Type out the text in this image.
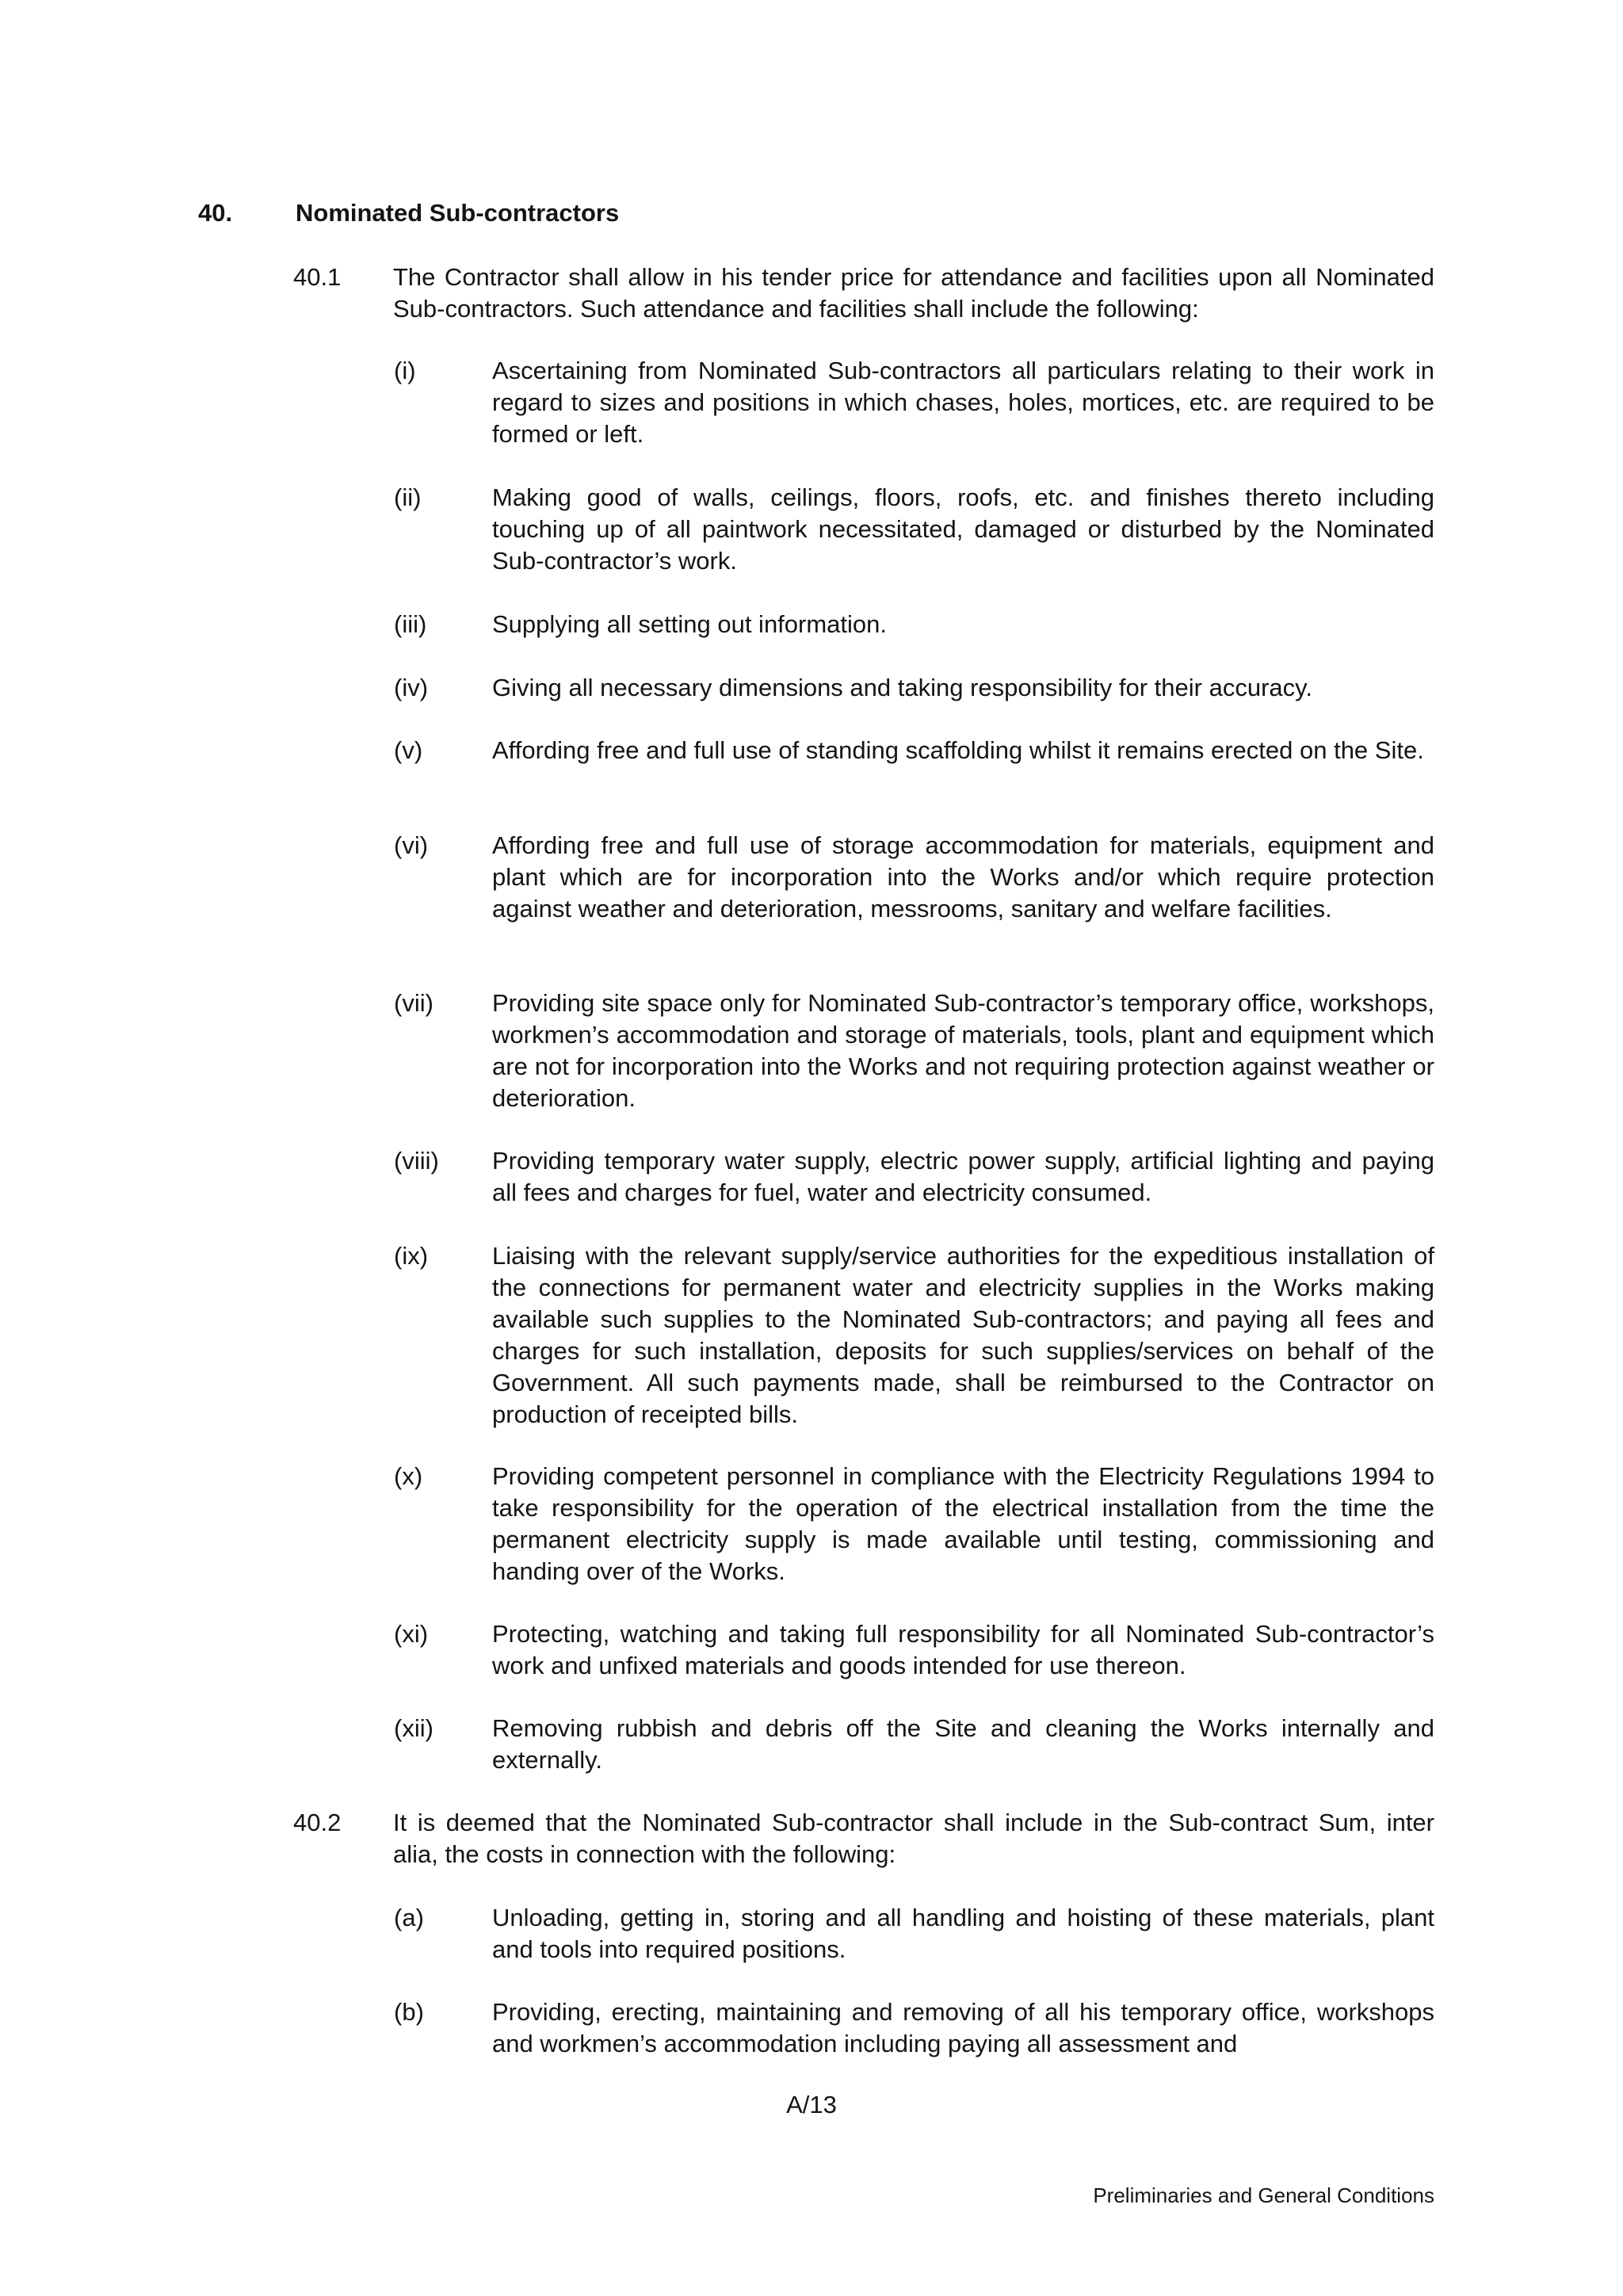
40.	Nominated Sub-contractors
40.1 The Contractor shall allow in his tender price for attendance and facilities upon all Nominated Sub-contractors. Such attendance and facilities shall include the following:
(i)	Ascertaining from Nominated Sub-contractors all particulars relating to their work in regard to sizes and positions in which chases, holes, mortices, etc. are required to be formed or left.
(ii)	Making good of walls, ceilings, floors, roofs, etc. and finishes thereto including touching up of all paintwork necessitated, damaged or disturbed by the Nominated Sub-contractor’s work.
(iii)	Supplying all setting out information.
(iv)	Giving all necessary dimensions and taking responsibility for their accuracy.
(v)	Affording free and full use of standing scaffolding whilst it remains erected on the Site.
(vi)	Affording free and full use of storage accommodation for materials, equipment and plant which are for incorporation into the Works and/or which require protection against weather and deterioration, messrooms, sanitary and welfare facilities.
(vii) Providing site space only for Nominated Sub-contractor’s temporary office, workshops, workmen’s accommodation and storage of materials, tools, plant and equipment which are not for incorporation into the Works and not requiring protection against weather or deterioration.
(viii) Providing temporary water supply, electric power supply, artificial lighting and paying all fees and charges for fuel, water and electricity consumed.
(ix)	Liaising with the relevant supply/service authorities for the expeditious installation of the connections for permanent water and electricity supplies in the Works making available such supplies to the Nominated Sub-contractors; and paying all fees and charges for such installation, deposits for such supplies/services on behalf of the Government. All such payments made, shall be reimbursed to the Contractor on production of receipted bills.
(x)	Providing competent personnel in compliance with the Electricity Regulations 1994 to take responsibility for the operation of the electrical installation from the time the permanent electricity supply is made available until testing, commissioning and handing over of the Works.
(xi)	Protecting, watching and taking full responsibility for all Nominated Sub-contractor’s work and unfixed materials and goods intended for use thereon.
(xii) Removing rubbish and debris off the Site and cleaning the Works internally and externally.
40.2 It is deemed that the Nominated Sub-contractor shall include in the Sub-contract Sum, inter alia, the costs in connection with the following:
(a)	Unloading, getting in, storing and all handling and hoisting of these materials, plant and tools into required positions.
(b)	Providing, erecting, maintaining and removing of all his temporary office, workshops and workmen’s accommodation including paying all assessment and
A/13
Preliminaries and General Conditions
